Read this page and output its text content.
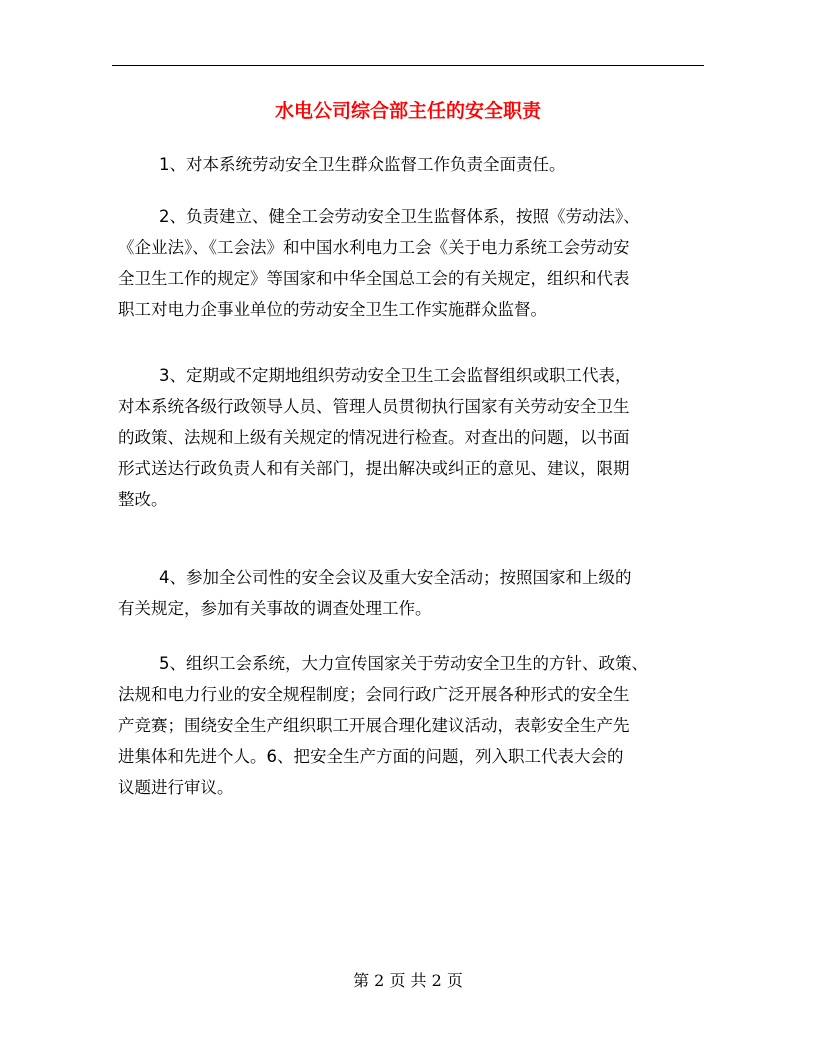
水电公司综合部主任的安全职责
1、对本系统劳动安全卫生群众监督工作负责全面责任。
2、负责建立、健全工会劳动安全卫生监督体系，按照《劳动法》、
《企业法》、《工会法》和中国水利电力工会《关于电力系统工会劳动安
全卫生工作的规定》等国家和中华全国总工会的有关规定，组织和代表
职工对电力企事业单位的劳动安全卫生工作实施群众监督。
3、定期或不定期地组织劳动安全卫生工会监督组织或职工代表，
对本系统各级行政领导人员、管理人员贯彻执行国家有关劳动安全卫生
的政策、法规和上级有关规定的情况进行检查。对查出的问题，以书面
形式送达行政负责人和有关部门，提出解决或纠正的意见、建议，限期
整改。
4、参加全公司性的安全会议及重大安全活动；按照国家和上级的
有关规定，参加有关事故的调查处理工作。
5、组织工会系统，大力宣传国家关于劳动安全卫生的方针、政策、
法规和电力行业的安全规程制度；会同行政广泛开展各种形式的安全生
产竞赛；围绕安全生产组织职工开展合理化建议活动，表彰安全生产先
进集体和先进个人。6、把安全生产方面的问题，列入职工代表大会的
议题进行审议。
第 2 页 共 2 页
